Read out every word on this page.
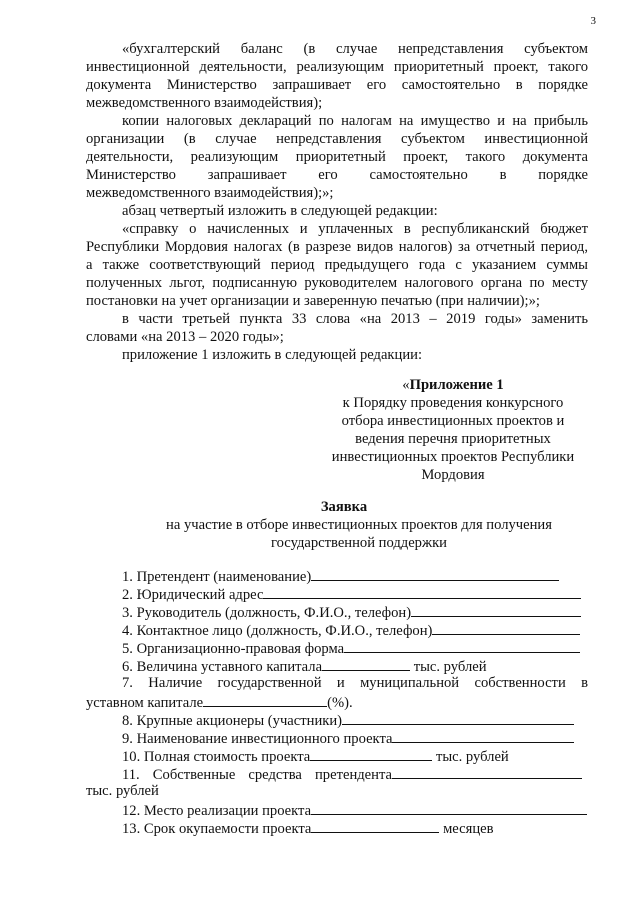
3
«бухгалтерский баланс (в случае непредставления субъектом
инвестиционной деятельности, реализующим приоритетный проект, такого
документа Министерство запрашивает его самостоятельно в порядке
межведомственного взаимодействия);
копии налоговых деклараций по налогам на имущество и на прибыль
организации (в случае непредставления субъектом инвестиционной
деятельности, реализующим приоритетный проект, такого документа
Министерство запрашивает его самостоятельно в порядке
межведомственного взаимодействия);»;
абзац четвертый изложить в следующей редакции:
«справку о начисленных и уплаченных в республиканский бюджет
Республики Мордовия налогах (в разрезе видов налогов) за отчетный период,
а также соответствующий период предыдущего года с указанием суммы
полученных льгот, подписанную руководителем налогового органа по месту
постановки на учет организации и заверенную печатью (при наличии);»;
в части третьей пункта 33 слова «на 2013 – 2019 годы» заменить
словами «на 2013 – 2020 годы»;
приложение 1 изложить в следующей редакции:
«Приложение 1
к Порядку проведения конкурсного
отбора инвестиционных проектов и
ведения перечня приоритетных
инвестиционных проектов Республики
Мордовия
Заявка
на участие в отборе инвестиционных проектов для получения
государственной поддержки
1. Претендент (наименование)
2. Юридический адрес
3. Руководитель (должность, Ф.И.О., телефон)
4. Контактное лицо (должность, Ф.И.О., телефон)
5. Организационно-правовая форма
6. Величина уставного капитала	тыс. рублей
7. Наличие государственной и муниципальной собственности в
уставном капитале	(%).
8. Крупные акционеры (участники)
9. Наименование инвестиционного проекта
10. Полная стоимость проекта	тыс. рублей
11. Собственные средства претендента
тыс. рублей
12. Место реализации проекта
13. Срок окупаемости проекта	месяцев
